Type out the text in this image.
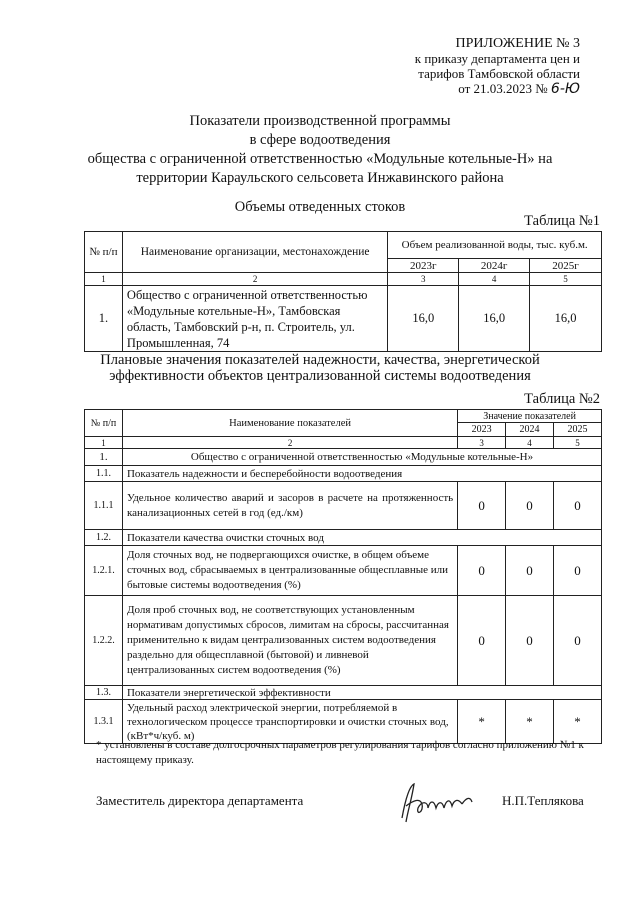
ПРИЛОЖЕНИЕ № 3
к приказу департамента цен и
тарифов Тамбовской области
от 21.03.2023 № 6-Ю
Показатели производственной программы
в сфере водоотведения
общества с ограниченной ответственностью «Модульные котельные-Н» на
территории Караульского сельсовета Инжавинского района
Объемы отведенных стоков
Таблица №1
№ п/п	Наименование организации, местонахождение	Объем реализованной воды, тыс. куб.м.		
		2023г	2024г	2025г
1	2	3	4	5
1.	Общество с ограниченной ответственностью «Модульные котельные-Н», Тамбовская область, Тамбовский р-н, п. Строитель, ул. Промышленная, 74	16,0	16,0	16,0
Плановые значения показателей надежности, качества, энергетической
эффективности объектов централизованной системы водоотведения
Таблица №2
№ п/п	Наименование показателей	Значение показателей		
		2023	2024	2025
1	2	3	4	5
1.	Общество с ограниченной ответственностью «Модульные котельные-Н»			
1.1.	Показатель надежности и бесперебойности водоотведения			
1.1.1	Удельное количество аварий и засоров в расчете на протяженность канализационных сетей в год (ед./км)	0	0	0
1.2.	Показатели качества очистки сточных вод			
1.2.1.	Доля сточных вод, не подвергающихся очистке, в общем объеме сточных вод, сбрасываемых в централизованные общесплавные или бытовые системы водоотведения (%)	0	0	0
1.2.2.	Доля проб сточных вод, не соответствующих установленным нормативам допустимых сбросов, лимитам на сбросы, рассчитанная применительно к видам централизованных систем водоотведения раздельно для общесплавной (бытовой) и ливневой централизованных систем водоотведения (%)	0	0	0
1.3.	Показатели энергетической эффективности			
1.3.1	Удельный расход электрической энергии, потребляемой в технологическом процессе транспортировки и очистки сточных вод, (кВт*ч/куб. м)	*	*	*
* установлены в составе долгосрочных параметров регулирования тарифов согласно приложению №1 к настоящему приказу.
Заместитель директора департамента	Н.П.Теплякова
